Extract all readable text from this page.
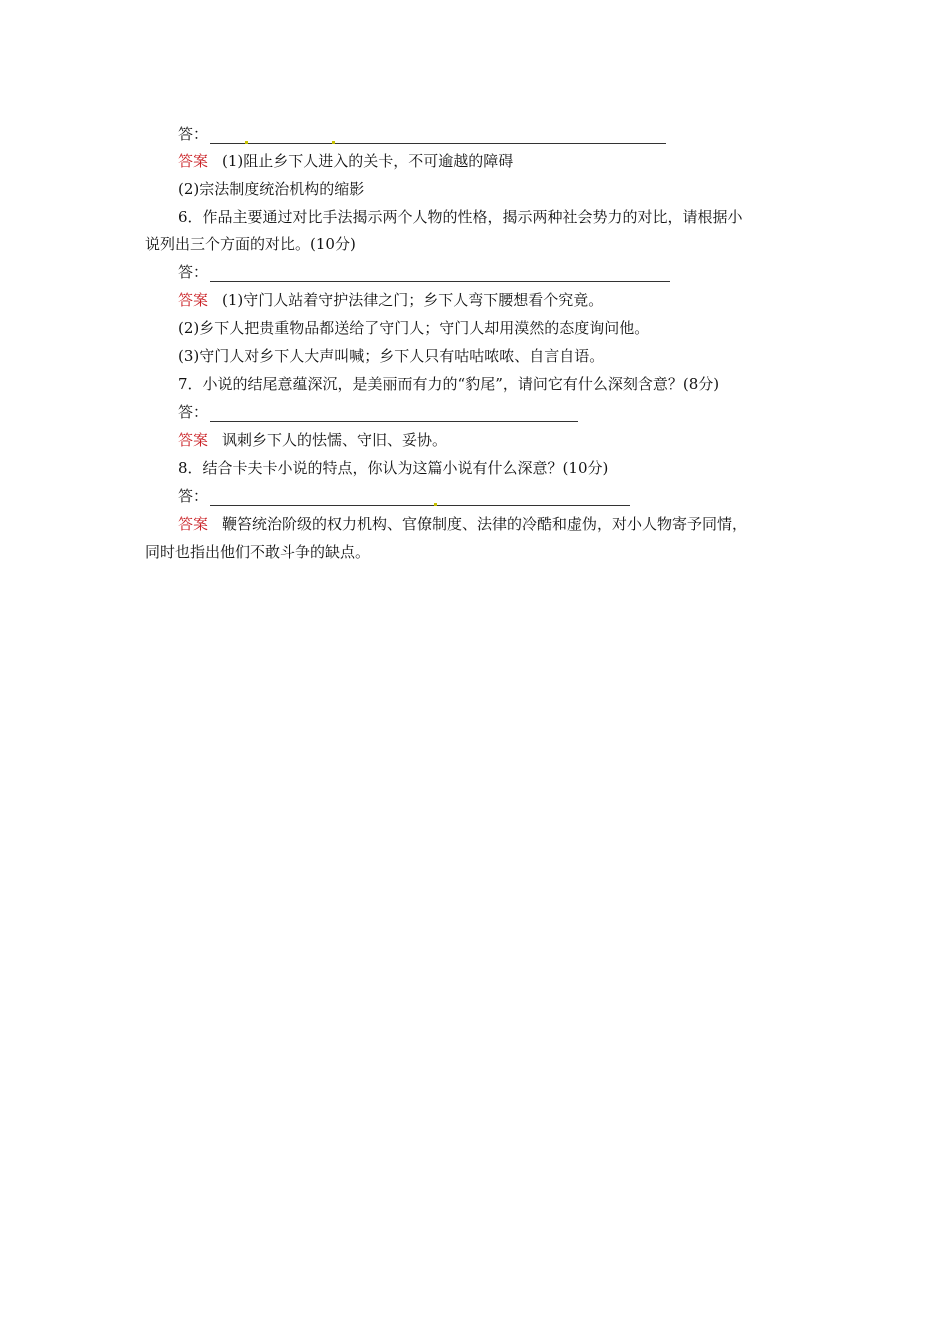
答：
答案 (1)阻止乡下人进入的关卡，不可逾越的障碍
(2)宗法制度统治机构的缩影
6．作品主要通过对比手法揭示两个人物的性格，揭示两种社会势力的对比，请根据小
说列出三个方面的对比。(10分)
答：
答案 (1)守门人站着守护法律之门；乡下人弯下腰想看个究竟。
(2)乡下人把贵重物品都送给了守门人；守门人却用漠然的态度询问他。
(3)守门人对乡下人大声叫喊；乡下人只有咕咕哝哝、自言自语。
7．小说的结尾意蕴深沉，是美丽而有力的“豹尾”，请问它有什么深刻含意？(8分)
答：
答案 讽刺乡下人的怯懦、守旧、妥协。
8．结合卡夫卡小说的特点，你认为这篇小说有什么深意？(10分)
答：
答案 鞭笞统治阶级的权力机构、官僚制度、法律的冷酷和虚伪，对小人物寄予同情，
同时也指出他们不敢斗争的缺点。
